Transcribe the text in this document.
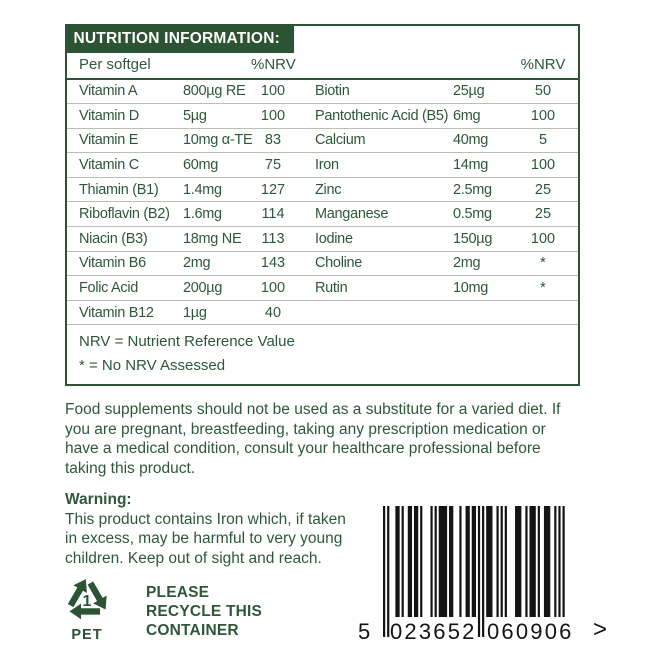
NUTRITION INFORMATION:
Per softgel	%NRV	%NRV
Vitamin A	800µg RE	100	Biotin	25µg	50
Vitamin D	5µg	100	Pantothenic Acid (B5) 6mg	100
Vitamin E	10mg α-TE 83	Calcium	40mg	5
Vitamin C	60mg	75	Iron	14mg	100
Thiamin (B1)	1.4mg	127	Zinc	2.5mg	25
Riboflavin (B2) 1.6mg	114	Manganese	0.5mg	25
Niacin (B3)	18mg NE	113	Iodine	150µg	100
Vitamin B6	2mg	143	Choline	2mg	*
Folic Acid	200µg	100	Rutin	10mg	*
Vitamin B12	1µg	40
NRV = Nutrient Reference Value
* = No NRV Assessed
Food supplements should not be used as a substitute for a varied diet. If
you are pregnant, breastfeeding, taking any prescription medication or
have a medical condition, consult your healthcare professional before
taking this product.
Warning:
This product contains Iron which, if taken
in excess, may be harmful to very young
children. Keep out of sight and reach.
1
PET
PLEASE
RECYCLE THIS
CONTAINER	5 023652 060906 >
